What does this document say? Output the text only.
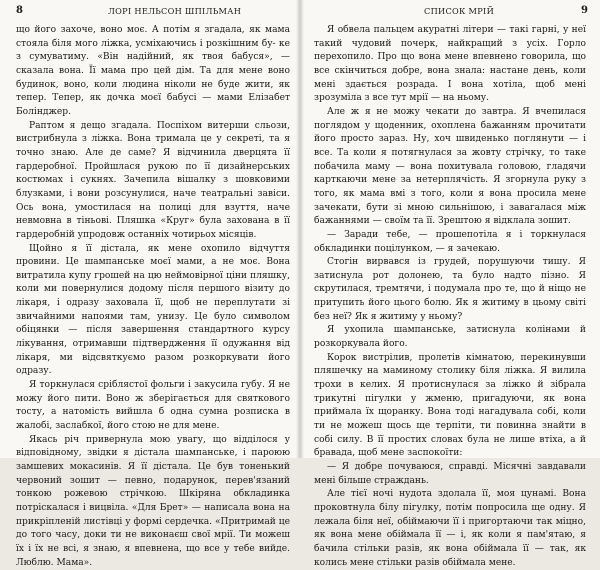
8	ЛОРІ НЕЛЬСОН ШПІЛЬМАН

що його захоче, воно моє. А потім я згадала, як мама стояла біля мого ліжка, усміхаючись і розкішним бу- ке з сумуватиму. «Він надійний, як твоя бабуся», — сказала вона. Її мама про цей дім. Та для мене воно будинок, воно, коли людина ніколи не буде жити, як тепер. Тепер, як дочка моєї бабусі — мами Елізабет Болінджер.

Раптом я дещо згадала. Поспіхом витерши сльози, вистрибнула з ліжка. Вона тримала це у секреті, та я точно знаю. Але де саме? Я відчинила дверцята її гардеробної. Пройшлася рукою по її дизайнерських костюмах і сукнях. Зачепила вішалку з шовковими блузками, і вони розсунулися, наче театральні завіси. Ось вона, умостилася на полиці для взуття, наче невмовна в тіньові. Пляшка «Круг» була захована в її гардеробній упродовж останніх чотирьох місяців.

Щойно я її дістала, як мене охопило відчуття провини. Це шампанське моєї мами, а не моє. Вона витратила купу грошей на цю неймовірної ціни пляшку, коли ми повернулися додому після першого візиту до лікаря, і одразу заховала її, щоб не переплутати зі звичайними напоями там, унизу. Це було символом обіцянки — після завершення стандартного курсу лікування, отримавши підтвердження її одужання від лікаря, ми відсвяткуємо разом розкоркувати його одразу.

Я торкнулася сріблястої фольги і закусила губу. Я не можу його пити. Воно ж зберігається для святкового тосту, а натомість вийшла б одна сумна розписка в жалобі, заслабкої, його стою не для мене.

Якась річ привернула мою увагу, що відділося у відповідному, звідки я дістала шампанське, і пароюю замшевих мокасинів. Я її дістала. Це був тоненький червоний зошит — певно, подарунок, перев'язаний тонкою рожевою стрічкою. Шкіряна обкладинка потріскалася і вицвіла. «Для Брет» — написала вона на прикріпленій листівці у формі сердечка. «Притримай це до того часу, доки ти не виконаєш свої мрії. Ти можеш їх і їх не всі, я знаю, я впевнена, що все у тебе вийде. Люблю. Мама».

СПИСОК МРІЙ	9

Я обвела пальцем акуратні літери — такі гарні, у неї такий чудовий почерк, найкращий з усіх. Горло перехопило. Про що вона мене впевнено говорила, що все скінчиться добре, вона знала: настане день, коли мені здається розрада. І вона хотіла, щоб мені зрозуміла з все тут мрії — на ньому.

Але ж я не можу чекати до завтра. Я вчепилася поглядом у щоденник, охоплена бажанням прочитати його просто зараз. Ну, хоч швиденько поглянути — і все. Та коли я потягнулася за жовту стрічку, то таке побачила маму — вона похитувала головою, гладячи карткаючи мене за нетерплячість. Я згорнула руку з того, як мама вмі з того, коли я вона просила мене зачекати, бути зі мною сильнішою, і завагалася між бажаннями — своїм та її. Зрештою я відклала зошит.

— Заради тебе, — прошепотіла я і торкнулася обкладинки поцілунком, — я зачекаю.

Стогін вирвався із грудей, порушуючи тишу. Я затиснула рот долонею, та було надто пізно. Я скрутилася, тремтячи, і подумала про те, що й ніщо не притупить його цього болю. Як я житиму в цьому світі без неї? Як я житиму у ньому?

Я ухопила шампанське, затиснула колінами й розкоркувала його.

Корок вистрілив, пролетів кімнатою, перекинувши пляшечку на маминому столику біля ліжка. Я вилила трохи в келих. Я протиснулася за ліжко й зібрала трикутні пігулки у жменю, пригадуючи, як вона приймала їх щоранку. Вона тоді нагадувала собі, коли ти не можеш щось ще терпіти, ти повинна знайти в собі силу. В її простих словах була не лише втіха, а й бравада, щоб мене заспокоїти:

— Я добре почуваюся, справді. Місячні завдавали мені більше страждань.

Але тієї ночі нудота здолала її, моя цунамі. Вона проковтнула білу пігулку, потім попросила ще одну. Я лежала біля неї, обіймаючи її і пригортаючи так міцно, як вона мене обіймала її — і, як коли я пам'ятаю, я бачила стільки разів, як вона обіймала її — так, як колись мене стільки разів обіймала мене.
